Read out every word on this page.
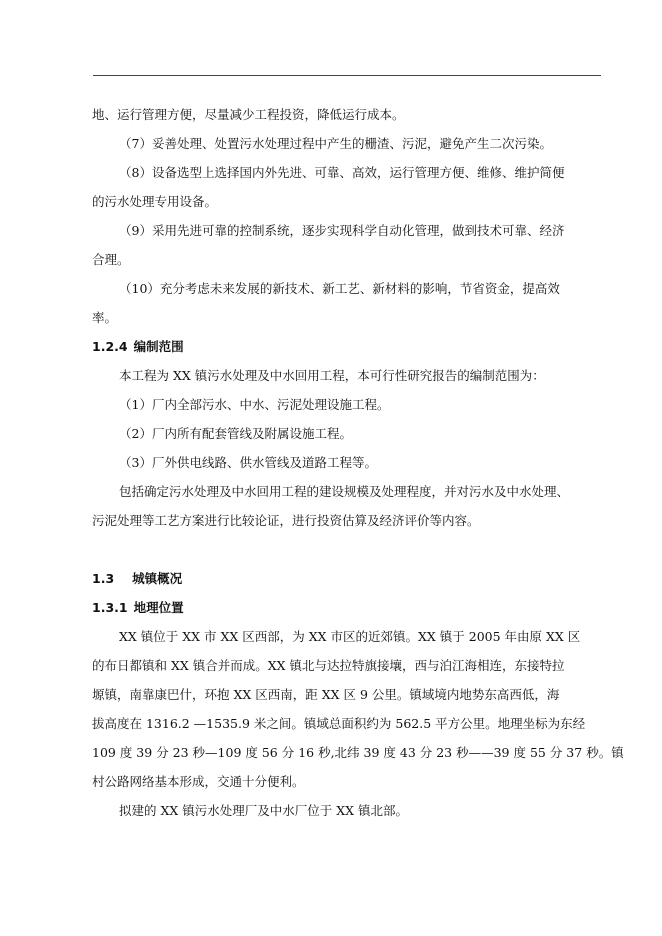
地、运行管理方便，尽量减少工程投资，降低运行成本。
（7）妥善处理、处置污水处理过程中产生的栅渣、污泥，避免产生二次污染。
（8）设备选型上选择国内外先进、可靠、高效，运行管理方便、维修、维护简便
的污水处理专用设备。
（9）采用先进可靠的控制系统，逐步实现科学自动化管理，做到技术可靠、经济
合理。
（10）充分考虑未来发展的新技术、新工艺、新材料的影响，节省资金，提高效
率。
1.2.4 编制范围
本工程为 XX 镇污水处理及中水回用工程，本可行性研究报告的编制范围为：
（1）厂内全部污水、中水、污泥处理设施工程。
（2）厂内所有配套管线及附属设施工程。
（3）厂外供电线路、供水管线及道路工程等。
包括确定污水处理及中水回用工程的建设规模及处理程度，并对污水及中水处理、
污泥处理等工艺方案进行比较论证，进行投资估算及经济评价等内容。
1.3 城镇概况
1.3.1 地理位置
XX 镇位于 XX 市 XX 区西部，为 XX 市区的近郊镇。XX 镇于 2005 年由原 XX 区
的布日都镇和 XX 镇合并而成。XX 镇北与达拉特旗接壤，西与泊江海相连，东接特拉
塬镇，南靠康巴什，环抱 XX 区西南，距 XX 区 9 公里。镇域境内地势东高西低，海
拔高度在 1316.2 —1535.9 米之间。镇域总面积约为 562.5 平方公里。地理坐标为东经
109 度 39 分 23 秒—109 度 56 分 16 秒,北纬 39 度 43 分 23 秒——39 度 55 分 37 秒。镇
村公路网络基本形成，交通十分便利。
拟建的 XX 镇污水处理厂及中水厂位于 XX 镇北部。
